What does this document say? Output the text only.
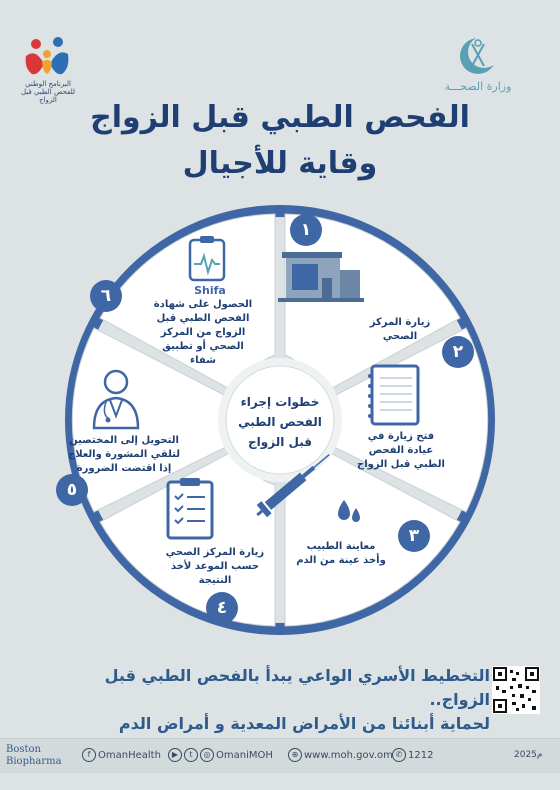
وزارة الصحـــة
البرنامج الوطني للفحص الطبي قبل الزواج	الفحص الطبي قبل الزواج
وقاية للأجيال
١
٢
٣
٤
٥
٦
زيارة المركز الصحي
فتح زيارة في عيادة الفحص الطبي قبل الزواج
معاينة الطبيب وأخذ عينة من الدم
زيارة المركز الصحي حسب الموعد لأخذ النتيجة
التحويل إلى المختصين لتلقي المشورة والعلاج إذا اقتضت الضرورة
الحصول على شهادة الفحص الطبي قبل الزواج من المركز الصحي أو تطبيق شفاء
Shifa
خطوات إجراء
الفحص الطبي
قبل الزواج
التخطيط الأسري الواعي يبدأ بالفحص الطبي قبل الزواج..
لحماية أبنائنا من الأمراض المعدية و أمراض الدم
Boston
Biopharma
f OmanHealth	▶ t ◎ OmaniMOH	⊕ www.moh.gov.om ✆ 1212	2025م
